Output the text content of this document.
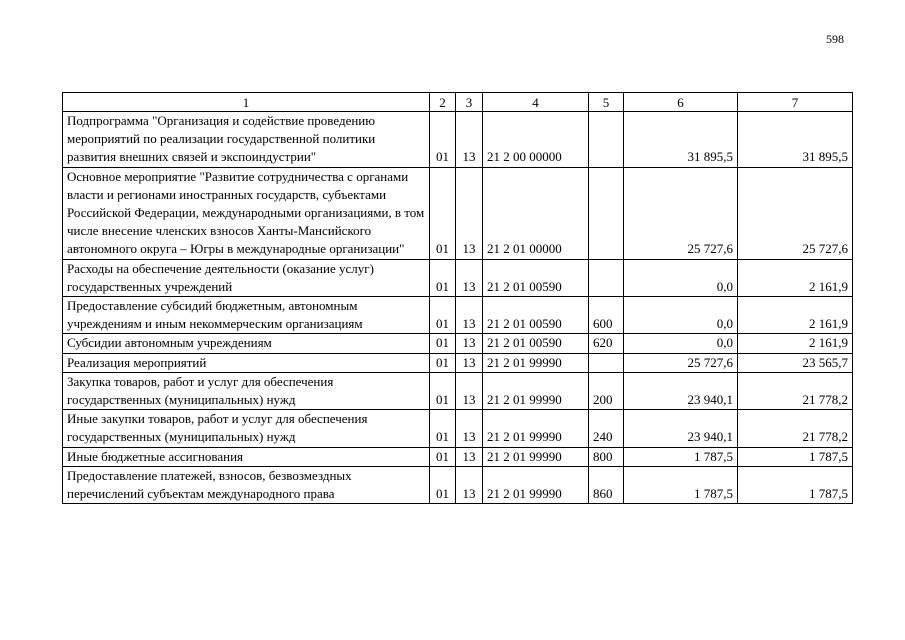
598
1	2	3	4	5	6	7
Подпрограмма "Организация и содействие проведению мероприятий по реализации государственной политики развития внешних связей и экспоиндустрии"	01	13	21 2 00 00000		31 895,5	31 895,5
Основное мероприятие "Развитие сотрудничества с органами власти и регионами иностранных государств, субъектами Российской Федерации, международными организациями, в том числе внесение членских взносов Ханты-Мансийского автономного округа – Югры в международные организации"	01	13	21 2 01 00000		25 727,6	25 727,6
Расходы на обеспечение деятельности (оказание услуг) государственных учреждений	01	13	21 2 01 00590		0,0	2 161,9
Предоставление субсидий бюджетным, автономным учреждениям и иным некоммерческим организациям	01	13	21 2 01 00590	600	0,0	2 161,9
Субсидии автономным учреждениям	01	13	21 2 01 00590	620	0,0	2 161,9
Реализация мероприятий	01	13	21 2 01 99990		25 727,6	23 565,7
Закупка товаров, работ и услуг для обеспечения государственных (муниципальных) нужд	01	13	21 2 01 99990	200	23 940,1	21 778,2
Иные закупки товаров, работ и услуг для обеспечения государственных (муниципальных) нужд	01	13	21 2 01 99990	240	23 940,1	21 778,2
Иные бюджетные ассигнования	01	13	21 2 01 99990	800	1 787,5	1 787,5
Предоставление платежей, взносов, безвозмездных перечислений субъектам международного права	01	13	21 2 01 99990	860	1 787,5	1 787,5
